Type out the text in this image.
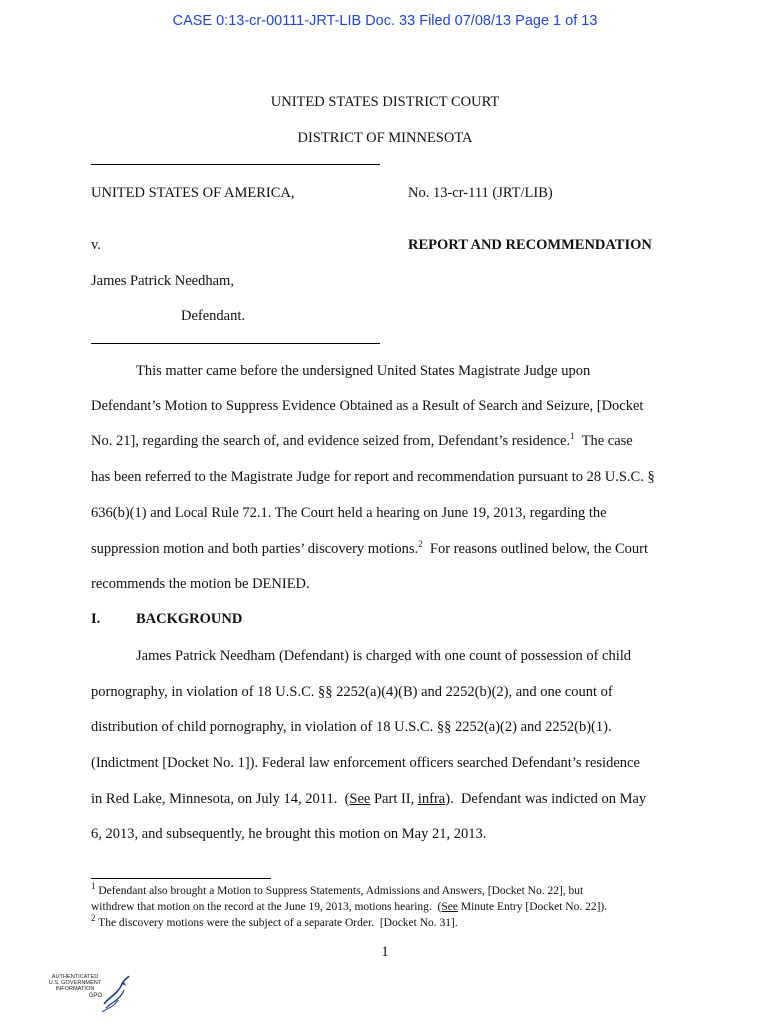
CASE 0:13-cr-00111-JRT-LIB Doc. 33 Filed 07/08/13 Page 1 of 13
UNITED STATES DISTRICT COURT
DISTRICT OF MINNESOTA
UNITED STATES OF AMERICA,	No. 13-cr-111 (JRT/LIB)
v.	REPORT AND RECOMMENDATION
James Patrick Needham,
Defendant.
This matter came before the undersigned United States Magistrate Judge upon
Defendant’s Motion to Suppress Evidence Obtained as a Result of Search and Seizure, [Docket
No. 21], regarding the search of, and evidence seized from, Defendant’s residence.$^1$  The case
has been referred to the Magistrate Judge for report and recommendation pursuant to 28 U.S.C. §
636(b)(1) and Local Rule 72.1. The Court held a hearing on June 19, 2013, regarding the
suppression motion and both parties’ discovery motions.$^2$  For reasons outlined below, the Court
recommends the motion be DENIED.
I. BACKGROUND
James Patrick Needham (Defendant) is charged with one count of possession of child
pornography, in violation of 18 U.S.C. §§ 2252(a)(4)(B) and 2252(b)(2), and one count of
distribution of child pornography, in violation of 18 U.S.C. §§ 2252(a)(2) and 2252(b)(1).
(Indictment [Docket No. 1]). Federal law enforcement officers searched Defendant’s residence
in Red Lake, Minnesota, on July 14, 2011.  (See Part II, infra).  Defendant was indicted on May
6, 2013, and subsequently, he brought this motion on May 21, 2013.
$^1$ Defendant also brought a Motion to Suppress Statements, Admissions and Answers, [Docket No. 22], but
withdrew that motion on the record at the June 19, 2013, motions hearing.  (See Minute Entry [Docket No. 22]).
$^2$ The discovery motions were the subject of a separate Order.  [Docket No. 31].
1
AUTHENTICATED
U.S. GOVERNMENT
INFORMATION
GPO
